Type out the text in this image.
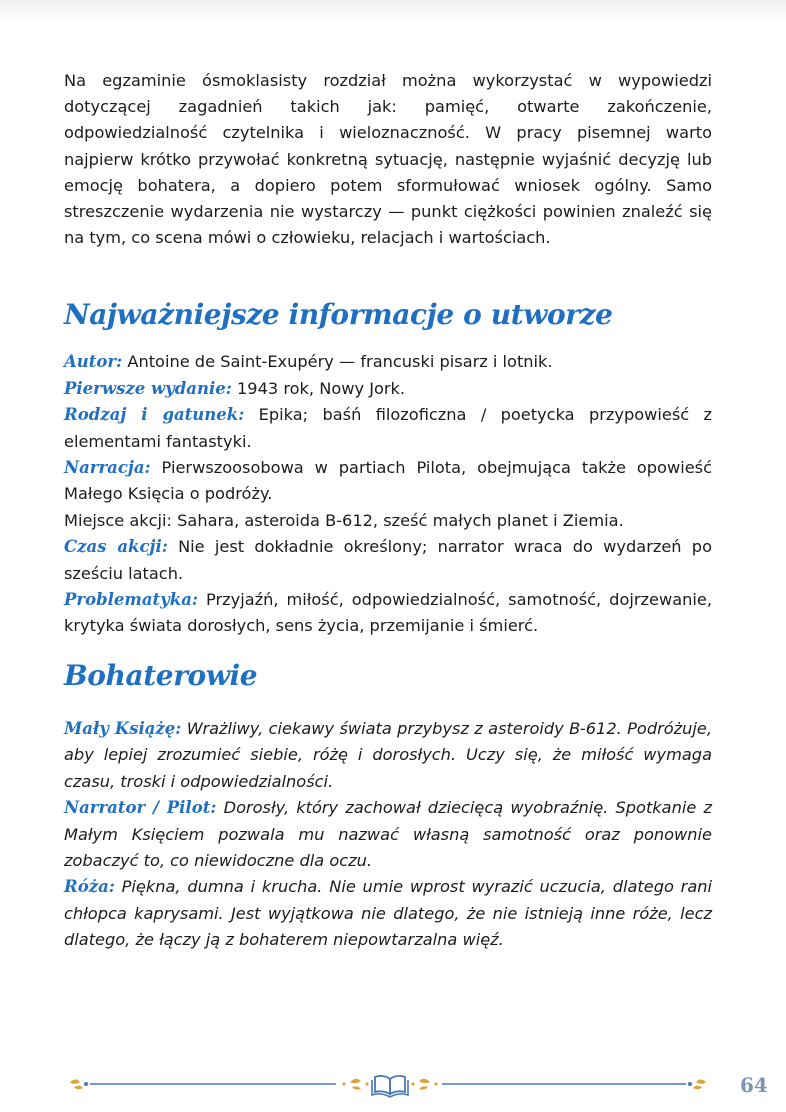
Na egzaminie ósmoklasisty rozdział można wykorzystać w wypowiedzi dotyczącej zagadnień takich jak: pamięć, otwarte zakończenie, odpowiedzialność czytelnika i wieloznaczność. W pracy pisemnej warto najpierw krótko przywołać konkretną sytuację, następnie wyjaśnić decyzję lub emocję bohatera, a dopiero potem sformułować wniosek ogólny. Samo streszczenie wydarzenia nie wystarczy — punkt ciężkości powinien znaleźć się na tym, co scena mówi o człowieku, relacjach i wartościach.

Najważniejsze informacje o utworze

Autor: Antoine de Saint-Exupéry — francuski pisarz i lotnik.

Pierwsze wydanie: 1943 rok, Nowy Jork.

Rodzaj i gatunek: Epika; baśń filozoficzna / poetycka przypowieść z elementami fantastyki.

Narracja: Pierwszoosobowa w partiach Pilota, obejmująca także opowieść Małego Księcia o podróży.

Miejsce akcji: Sahara, asteroida B-612, sześć małych planet i Ziemia.

Czas akcji: Nie jest dokładnie określony; narrator wraca do wydarzeń po sześciu latach.

Problematyka: Przyjaźń, miłość, odpowiedzialność, samotność, dojrzewanie, krytyka świata dorosłych, sens życia, przemijanie i śmierć.

Bohaterowie

Mały Książę: Wrażliwy, ciekawy świata przybysz z asteroidy B-612. Podróżuje, aby lepiej zrozumieć siebie, różę i dorosłych. Uczy się, że miłość wymaga czasu, troski i odpowiedzialności.

Narrator / Pilot: Dorosły, który zachował dziecięcą wyobraźnię. Spotkanie z Małym Księciem pozwala mu nazwać własną samotność oraz ponownie zobaczyć to, co niewidoczne dla oczu.

Róża: Piękna, dumna i krucha. Nie umie wprost wyrazić uczucia, dlatego rani chłopca kaprysami. Jest wyjątkowa nie dlatego, że nie istnieją inne róże, lecz dlatego, że łączy ją z bohaterem niepowtarzalna więź.

64
